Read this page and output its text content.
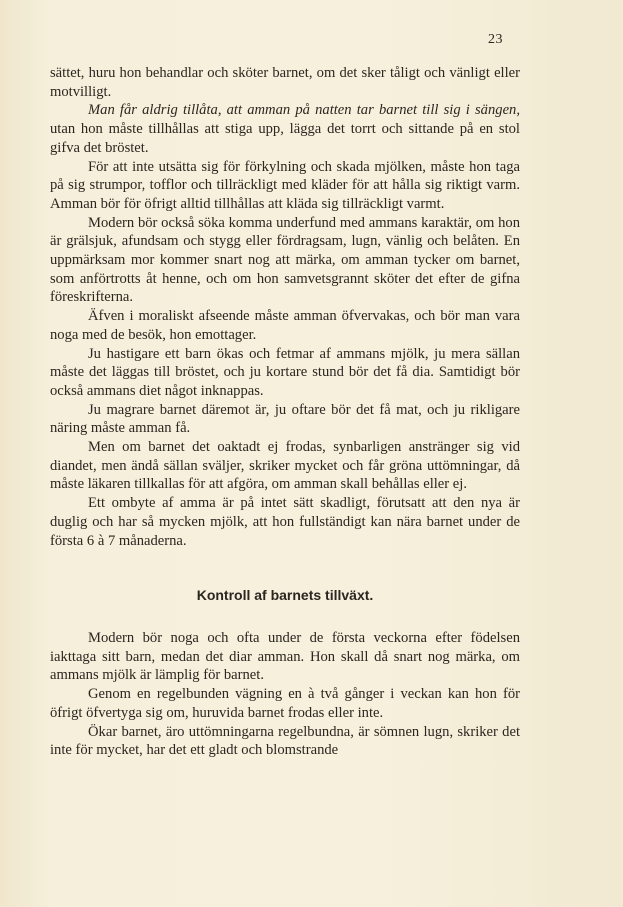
23

sättet, huru hon behandlar och sköter barnet, om det sker tåligt och vänligt eller motvilligt.

Man får aldrig tillåta, att amman på natten tar barnet till sig i sängen, utan hon måste tillhållas att stiga upp, lägga det torrt och sittande på en stol gifva det bröstet.

För att inte utsätta sig för förkylning och skada mjölken, måste hon taga på sig strumpor, tofflor och tillräckligt med kläder för att hålla sig riktigt varm. Amman bör för öfrigt alltid tillhållas att kläda sig tillräckligt varmt.

Modern bör också söka komma underfund med ammans karaktär, om hon är grälsjuk, afundsam och stygg eller fördragsam, lugn, vänlig och belåten. En uppmärksam mor kommer snart nog att märka, om amman tycker om barnet, som anförtrotts åt henne, och om hon samvetsgrannt sköter det efter de gifna föreskrifterna.

Äfven i moraliskt afseende måste amman öfvervakas, och bör man vara noga med de besök, hon emottager.

Ju hastigare ett barn ökas och fetmar af ammans mjölk, ju mera sällan måste det läggas till bröstet, och ju kortare stund bör det få dia. Samtidigt bör också ammans diet något inknappas.

Ju magrare barnet däremot är, ju oftare bör det få mat, och ju rikligare näring måste amman få.

Men om barnet det oaktadt ej frodas, synbarligen anstränger sig vid diandet, men ändå sällan sväljer, skriker mycket och får gröna uttömningar, då måste läkaren tillkallas för att afgöra, om amman skall behållas eller ej.

Ett ombyte af amma är på intet sätt skadligt, förutsatt att den nya är duglig och har så mycken mjölk, att hon fullständigt kan nära barnet under de första 6 à 7 månaderna.

Kontroll af barnets tillväxt.

Modern bör noga och ofta under de första veckorna efter födelsen iakttaga sitt barn, medan det diar amman. Hon skall då snart nog märka, om ammans mjölk är lämplig för barnet.

Genom en regelbunden vägning en à två gånger i veckan kan hon för öfrigt öfvertyga sig om, huruvida barnet frodas eller inte.

Ökar barnet, äro uttömningarna regelbundna, är sömnen lugn, skriker det inte för mycket, har det ett gladt och blomstrande
